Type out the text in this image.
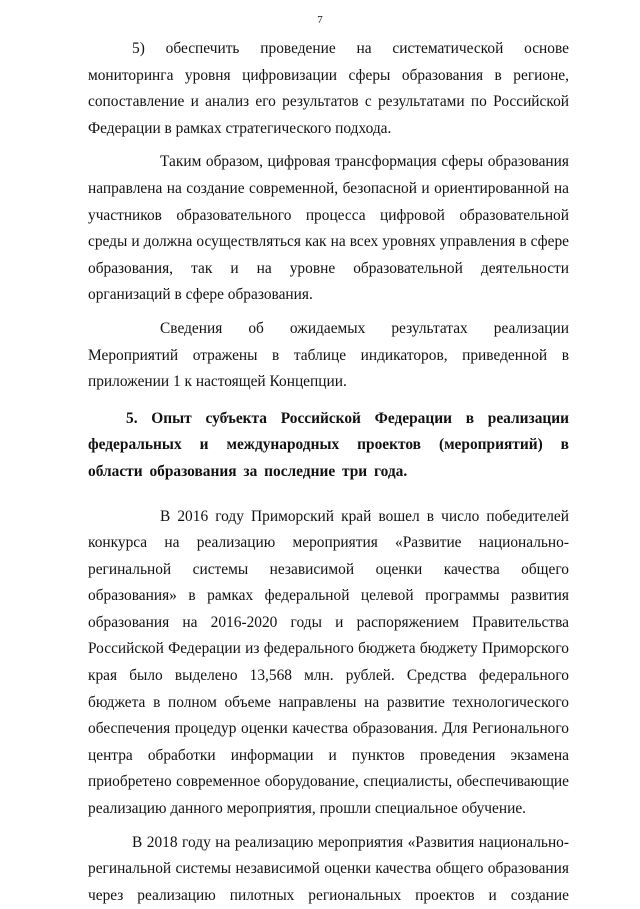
7

5) обеспечить проведение на систематической основе мониторинга уровня цифровизации сферы образования в регионе, сопоставление и анализ его результатов с результатами по Российской Федерации в рамках стратегического подхода.

Таким образом, цифровая трансформация сферы образования направлена на создание современной, безопасной и ориентированной на участников образовательного процесса цифровой образовательной среды и должна осуществляться как на всех уровнях управления в сфере образования, так и на уровне образовательной деятельности организаций в сфере образования.

Сведения об ожидаемых результатах реализации Мероприятий отражены в таблице индикаторов, приведенной в приложении 1 к настоящей Концепции.

5. Опыт субъекта Российской Федерации в реализации федеральных и международных проектов (мероприятий) в области образования за последние три года.

В 2016 году Приморский край вошел в число победителей конкурса на реализацию мероприятия «Развитие национально-регинальной системы независимой оценки качества общего образования» в рамках федеральной целевой программы развития образования на 2016-2020 годы и распоряжением Правительства Российской Федерации из федерального бюджета бюджету Приморского края было выделено 13,568 млн. рублей. Средства федерального бюджета в полном объеме направлены на развитие технологического обеспечения процедур оценки качества образования. Для Регионального центра обработки информации и пунктов проведения экзамена приобретено современное оборудование, специалисты, обеспечивающие реализацию данного мероприятия, прошли специальное обучение.

В 2018 году на реализацию мероприятия «Развития национально-регинальной системы независимой оценки качества общего образования через реализацию пилотных региональных проектов и создание
